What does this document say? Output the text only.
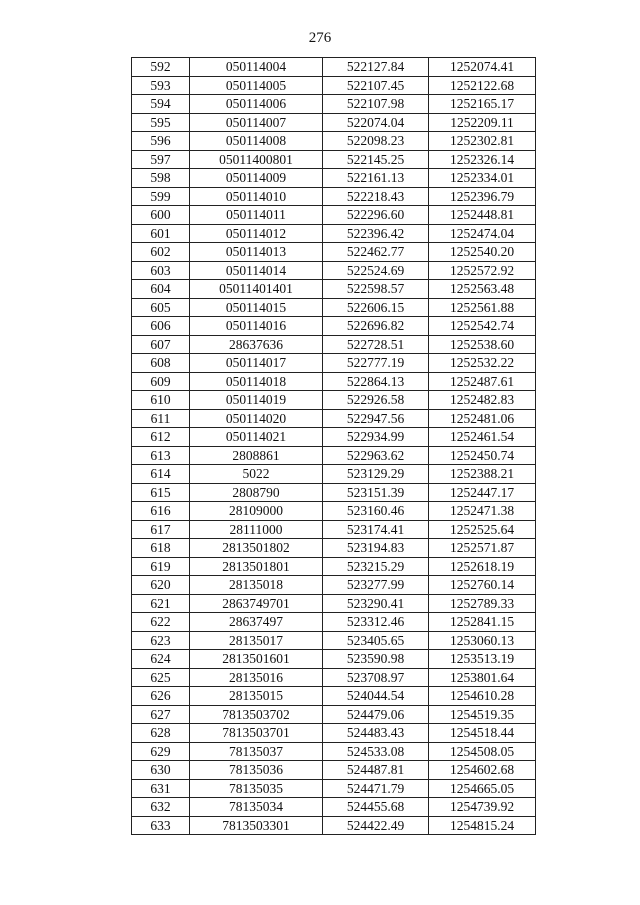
276
592	050114004	522127.84	1252074.41
593	050114005	522107.45	1252122.68
594	050114006	522107.98	1252165.17
595	050114007	522074.04	1252209.11
596	050114008	522098.23	1252302.81
597	05011400801	522145.25	1252326.14
598	050114009	522161.13	1252334.01
599	050114010	522218.43	1252396.79
600	050114011	522296.60	1252448.81
601	050114012	522396.42	1252474.04
602	050114013	522462.77	1252540.20
603	050114014	522524.69	1252572.92
604	05011401401	522598.57	1252563.48
605	050114015	522606.15	1252561.88
606	050114016	522696.82	1252542.74
607	28637636	522728.51	1252538.60
608	050114017	522777.19	1252532.22
609	050114018	522864.13	1252487.61
610	050114019	522926.58	1252482.83
611	050114020	522947.56	1252481.06
612	050114021	522934.99	1252461.54
613	2808861	522963.62	1252450.74
614	5022	523129.29	1252388.21
615	2808790	523151.39	1252447.17
616	28109000	523160.46	1252471.38
617	28111000	523174.41	1252525.64
618	2813501802	523194.83	1252571.87
619	2813501801	523215.29	1252618.19
620	28135018	523277.99	1252760.14
621	2863749701	523290.41	1252789.33
622	28637497	523312.46	1252841.15
623	28135017	523405.65	1253060.13
624	2813501601	523590.98	1253513.19
625	28135016	523708.97	1253801.64
626	28135015	524044.54	1254610.28
627	7813503702	524479.06	1254519.35
628	7813503701	524483.43	1254518.44
629	78135037	524533.08	1254508.05
630	78135036	524487.81	1254602.68
631	78135035	524471.79	1254665.05
632	78135034	524455.68	1254739.92
633	7813503301	524422.49	1254815.24
